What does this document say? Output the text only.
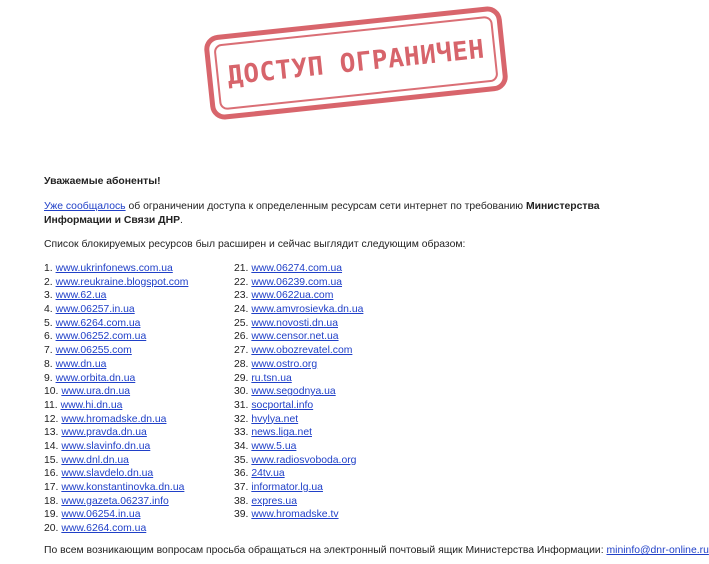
ДОСТУП ОГРАНИЧЕН

Уважаемые абоненты!

Уже сообщалось об ограничении доступа к определенным ресурсам сети интернет по требованию Министерства Информации и Связи ДНР.

Список блокируемых ресурсов был расширен и сейчас выглядит следующим образом:

1. www.ukrinfonews.com.ua
2. www.reukraine.blogspot.com
3. www.62.ua
4. www.06257.in.ua
5. www.6264.com.ua
6. www.06252.com.ua
7. www.06255.com
8. www.dn.ua
9. www.orbita.dn.ua
10. www.ura.dn.ua
11. www.hi.dn.ua
12. www.hromadske.dn.ua
13. www.pravda.dn.ua
14. www.slavinfo.dn.ua
15. www.dnl.dn.ua
16. www.slavdelo.dn.ua
17. www.konstantinovka.dn.ua
18. www.gazeta.06237.info
19. www.06254.in.ua
20. www.6264.com.ua
21. www.06274.com.ua
22. www.06239.com.ua
23. www.0622ua.com
24. www.amvrosievka.dn.ua
25. www.novosti.dn.ua
26. www.censor.net.ua
27. www.obozrevatel.com
28. www.ostro.org
29. ru.tsn.ua
30. www.segodnya.ua
31. socportal.info
32. hvylya.net
33. news.liga.net
34. www.5.ua
35. www.radiosvoboda.org
36. 24tv.ua
37. informator.lg.ua
38. expres.ua
39. www.hromadske.tv
По всем возникающим вопросам просьба обращаться на электронный почтовый ящик Министерства Информации: mininfo@dnr-online.ru
